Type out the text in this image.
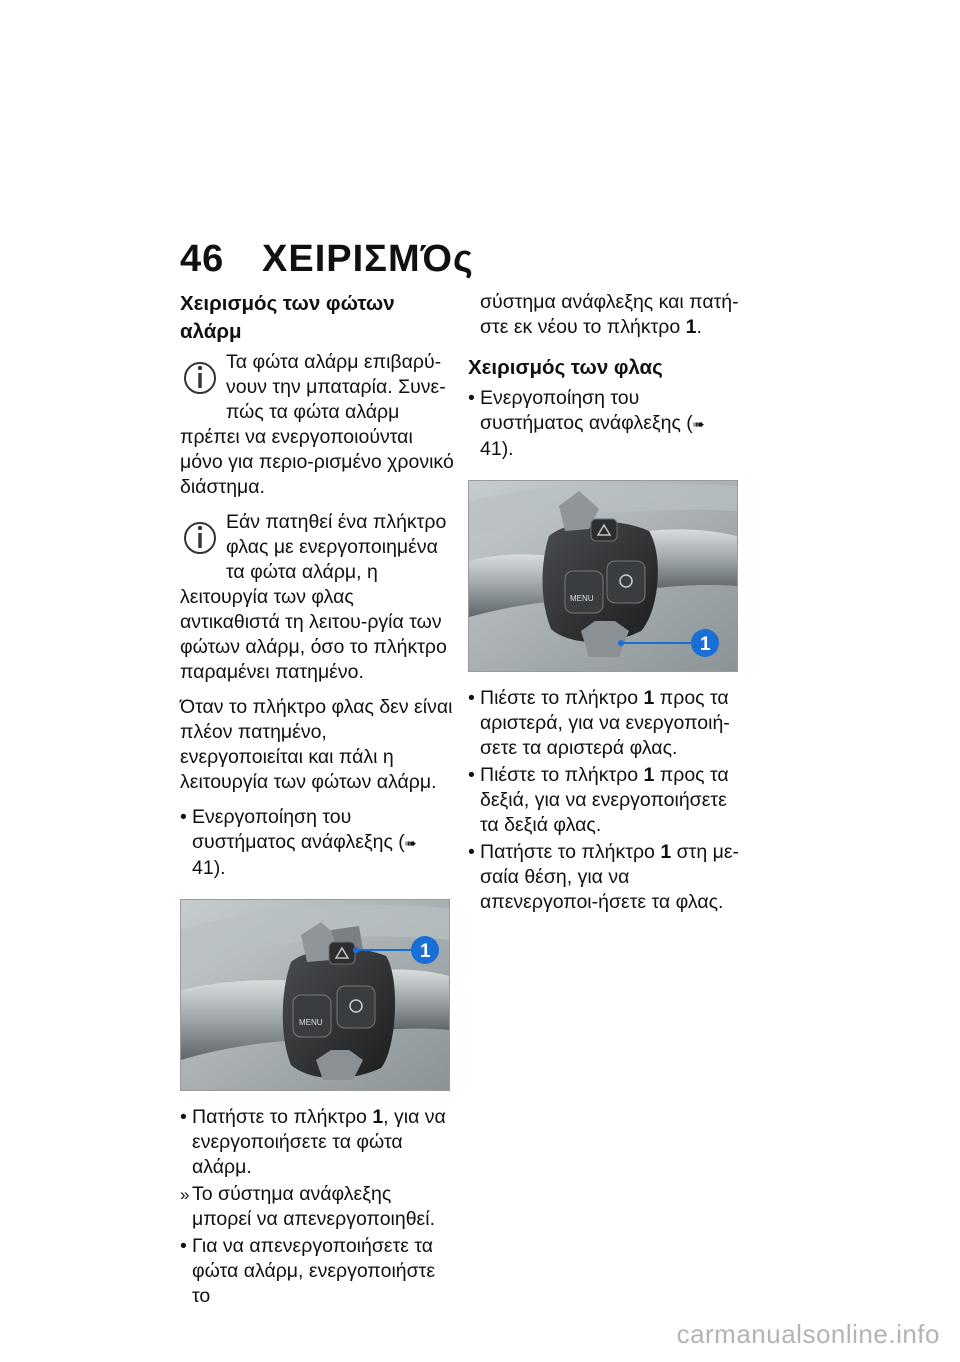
46 ΧΕΙΡΙΣΜΌς
Χειρισμός των φώτων αλάρμ
Τα φώτα αλάρμ επιβαρύ-νουν την μπαταρία. Συνε-πώς τα φώτα αλάρμ πρέπει να ενεργοποιούνται μόνο για περιο-ρισμένο χρονικό διάστημα.
Εάν πατηθεί ένα πλήκτρο φλας με ενεργοποιημένα τα φώτα αλάρμ, η λειτουργία των φλας αντικαθιστά τη λειτου-ργία των φώτων αλάρμ, όσο το πλήκτρο παραμένει πατημένο.
Όταν το πλήκτρο φλας δεν είναι πλέον πατημένο, ενεργοποιείται και πάλι η λειτουργία των φώτων αλάρμ.
• Ενεργοποίηση του συστήματος ανάφλεξης (➠ 41).
MENU
1
• Πατήστε το πλήκτρο 1, για να ενεργοποιήσετε τα φώτα αλάρμ.
» Το σύστημα ανάφλεξης μπορεί να απενεργοποιηθεί.
• Για να απενεργοποιήσετε τα φώτα αλάρμ, ενεργοποιήστε το
σύστημα ανάφλεξης και πατή-στε εκ νέου το πλήκτρο 1.
Χειρισμός των φλας
• Ενεργοποίηση του συστήματος ανάφλεξης (➠ 41).
MENU
1
• Πιέστε το πλήκτρο 1 προς τα αριστερά, για να ενεργοποιή-σετε τα αριστερά φλας.
• Πιέστε το πλήκτρο 1 προς τα δεξιά, για να ενεργοποιήσετε τα δεξιά φλας.
• Πατήστε το πλήκτρο 1 στη με-σαία θέση, για να απενεργοποι-ήσετε τα φλας.
carmanualsonline.info
